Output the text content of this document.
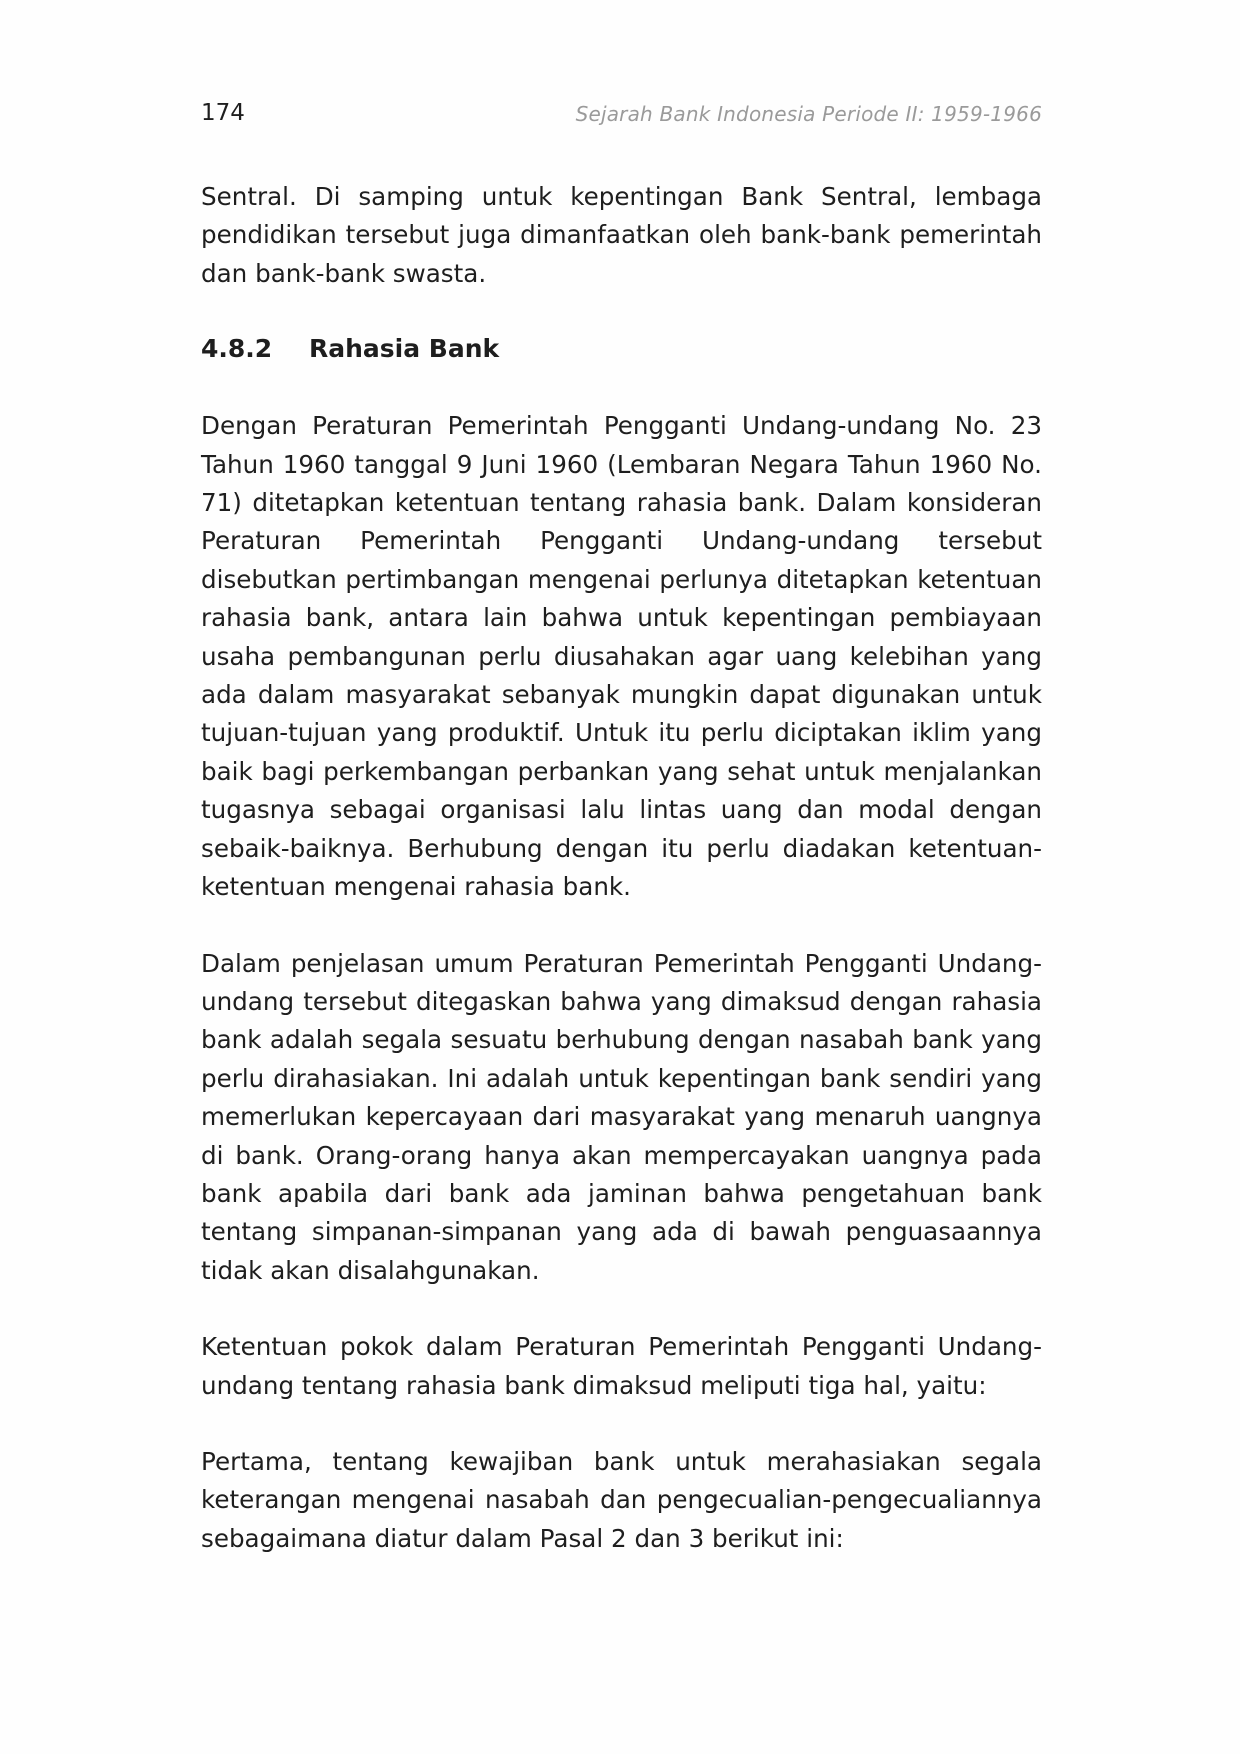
174	Sejarah Bank Indonesia Periode II: 1959-1966

Sentral. Di samping untuk kepentingan Bank Sentral, lembaga pendidikan tersebut juga dimanfaatkan oleh bank-bank pemerintah dan bank-bank swasta.

4.8.2	Rahasia Bank

Dengan Peraturan Pemerintah Pengganti Undang-undang No. 23 Tahun 1960 tanggal 9 Juni 1960 (Lembaran Negara Tahun 1960 No. 71) ditetapkan ketentuan tentang rahasia bank. Dalam konsideran Peraturan Pemerintah Pengganti Undang-undang tersebut disebutkan pertimbangan mengenai perlunya ditetapkan ketentuan rahasia bank, antara lain bahwa untuk kepentingan pembiayaan usaha pembangunan perlu diusahakan agar uang kelebihan yang ada dalam masyarakat sebanyak mungkin dapat digunakan untuk tujuan-tujuan yang produktif. Untuk itu perlu diciptakan iklim yang baik bagi perkembangan perbankan yang sehat untuk menjalankan tugasnya sebagai organisasi lalu lintas uang dan modal dengan sebaik-baiknya. Berhubung dengan itu perlu diadakan ketentuan-ketentuan mengenai rahasia bank.

Dalam penjelasan umum Peraturan Pemerintah Pengganti Undang-undang tersebut ditegaskan bahwa yang dimaksud dengan rahasia bank adalah segala sesuatu berhubung dengan nasabah bank yang perlu dirahasiakan. Ini adalah untuk kepentingan bank sendiri yang memerlukan kepercayaan dari masyarakat yang menaruh uangnya di bank. Orang-orang hanya akan mempercayakan uangnya pada bank apabila dari bank ada jaminan bahwa pengetahuan bank tentang simpanan-simpanan yang ada di bawah penguasaannya tidak akan disalahgunakan.

Ketentuan pokok dalam Peraturan Pemerintah Pengganti Undang-undang tentang rahasia bank dimaksud meliputi tiga hal, yaitu:

Pertama, tentang kewajiban bank untuk merahasiakan segala keterangan mengenai nasabah dan pengecualian-pengecualiannya sebagaimana diatur dalam Pasal 2 dan 3 berikut ini:
